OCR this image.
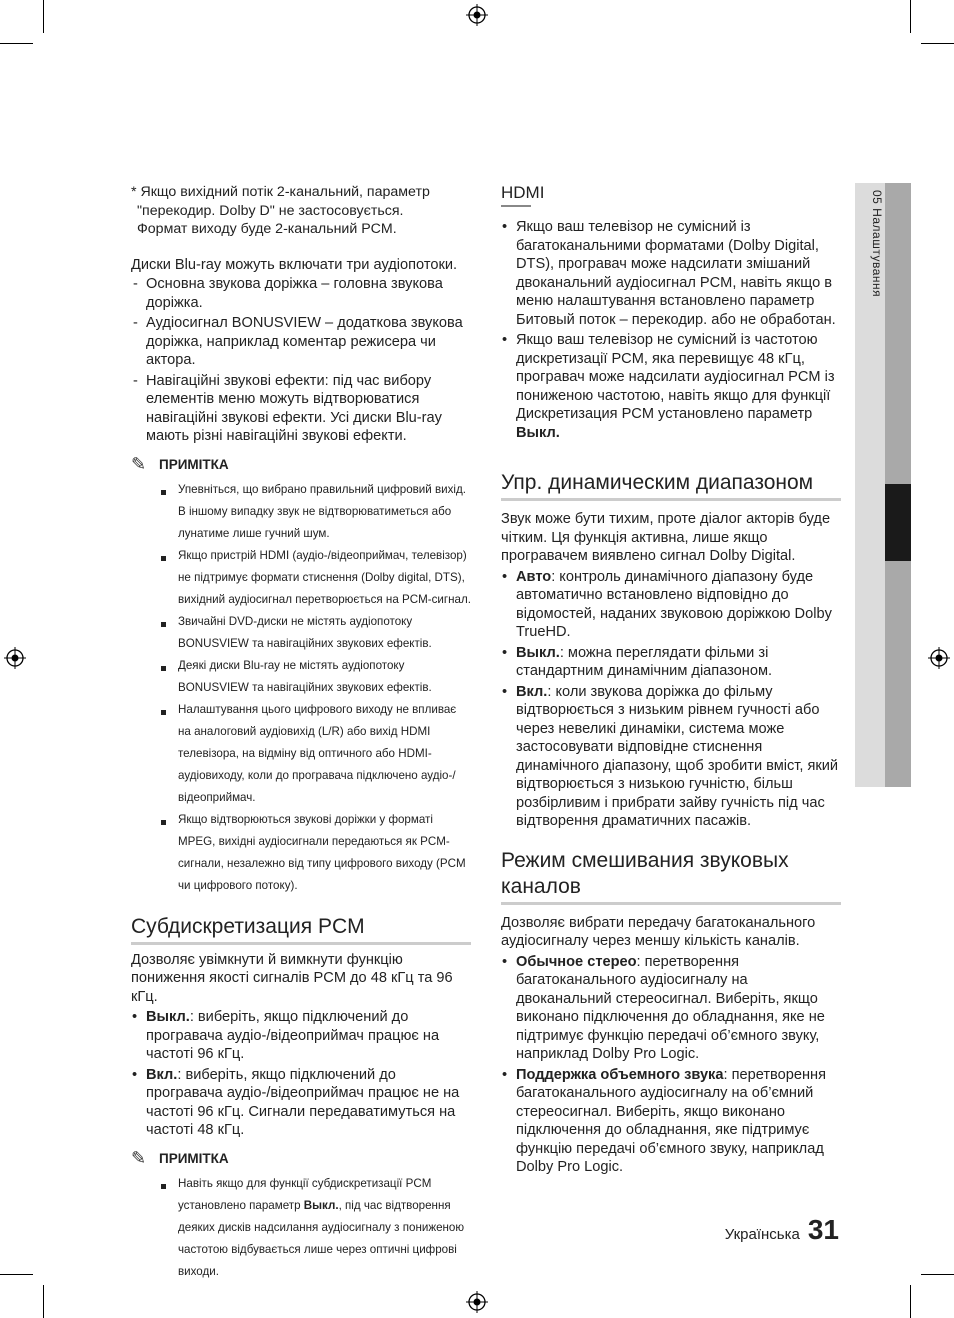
05 Налаштування
* Якщо вихідний потік 2-канальний, параметр
"перекодир. Dolby D" не застосовується.
Формат виходу буде 2-канальний PCM.

Диски Blu-ray можуть включати три аудіопотоки.

- Основна звукова доріжка – головна звукова доріжка.
- Аудіосигнал BONUSVIEW – додаткова звукова доріжка, наприклад коментар режисера чи актора.
- Навігаційні звукові ефекти: під час вибору елементів меню можуть відтворюватися навігаційні звукові ефекти. Усі диски Blu-ray мають різні навігаційні звукові ефекти.
✎ ПРИМІТКА
Упевніться, що вибрано правильний цифровий вихід. В іншому випадку звук не відтворюватиметься або лунатиме лише гучний шум.
Якщо пристрій HDMI (аудіо-/відеоприймач, телевізор) не підтримує формати стиснення (Dolby digital, DTS), вихідний аудіосигнал перетворюється на PCM-сигнал.
Звичайні DVD-диски не містять аудіопотоку BONUSVIEW та навігаційних звукових ефектів.
Деякі диски Blu-ray не містять аудіопотоку BONUSVIEW та навігаційних звукових ефектів.
Налаштування цього цифрового виходу не впливає на аналоговий аудіовихід (L/R) або вихід HDMI телевізора, на відміну від оптичного або HDMI-аудіовиходу, коли до програвача підключено аудіо-/відеоприймач.
Якщо відтворюються звукові доріжки у форматі MPEG, вихідні аудіосигнали передаються як PCM-сигнали, незалежно від типу цифрового виходу (PCM чи цифрового потоку).
Субдискретизация PCM

Дозволяє увімкнути й вимкнути функцію пониження якості сигналів PCM до 48 кГц та 96 кГц.

• Выкл.: виберіть, якщо підключений до програвача аудіо-/відеоприймач працює на частоті 96 кГц.
• Вкл.: виберіть, якщо підключений до програвача аудіо-/відеоприймач працює не на частоті 96 кГц. Сигнали передаватимуться на частоті 48 кГц.
✎ ПРИМІТКА
Навіть якщо для функції субдискретизації PCM установлено параметр Выкл., під час відтворення деяких дисків надсилання аудіосигналу з пониженою частотою відбувається лише через оптичні цифрові виходи.
HDMI
• Якщо ваш телевізор не сумісний із багатоканальними форматами (Dolby Digital, DTS), програвач може надсилати змішаний двоканальний аудіосигнал PCM, навіть якщо в меню налаштування встановлено параметр Битовый поток – перекодир. або не обработан.
• Якщо ваш телевізор не сумісний із частотою дискретизації PCM, яка перевищує 48 кГц, програвач може надсилати аудіосигнал PCM із пониженою частотою, навіть якщо для функції Дискретизация PCM установлено параметр Выкл.
Упр. динамическим диапазоном

Звук може бути тихим, проте діалог акторів буде чітким. Ця функція активна, лише якщо програвачем виявлено сигнал Dolby Digital.

• Авто: контроль динамічного діапазону буде автоматично встановлено відповідно до відомостей, наданих звуковою доріжкою Dolby TrueHD.
• Выкл.: можна переглядати фільми зі стандартним динамічним діапазоном.
• Вкл.: коли звукова доріжка до фільму відтворюється з низьким рівнем гучності або через невеликі динаміки, система може застосовувати відповідне стиснення динамічного діапазону, щоб зробити вміст, який відтворюється з низькою гучністю, більш розбірливим і прибрати зайву гучність під час відтворення драматичних пасажів.
Режим смешивания звуковых каналов

Дозволяє вибрати передачу багатоканального аудіосигналу через меншу кількість каналів.

• Обычное стерео: перетворення багатоканального аудіосигналу на двоканальний стереосигнал. Виберіть, якщо виконано підключення до обладнання, яке не підтримує функцію передачі об’ємного звуку, наприклад Dolby Pro Logic.
• Поддержка объемного звука: перетворення багатоканального аудіосигналу на об’ємний стереосигнал. Виберіть, якщо виконано підключення до обладнання, яке підтримує функцію передачі об’ємного звуку, наприклад Dolby Pro Logic.
Українська 31
